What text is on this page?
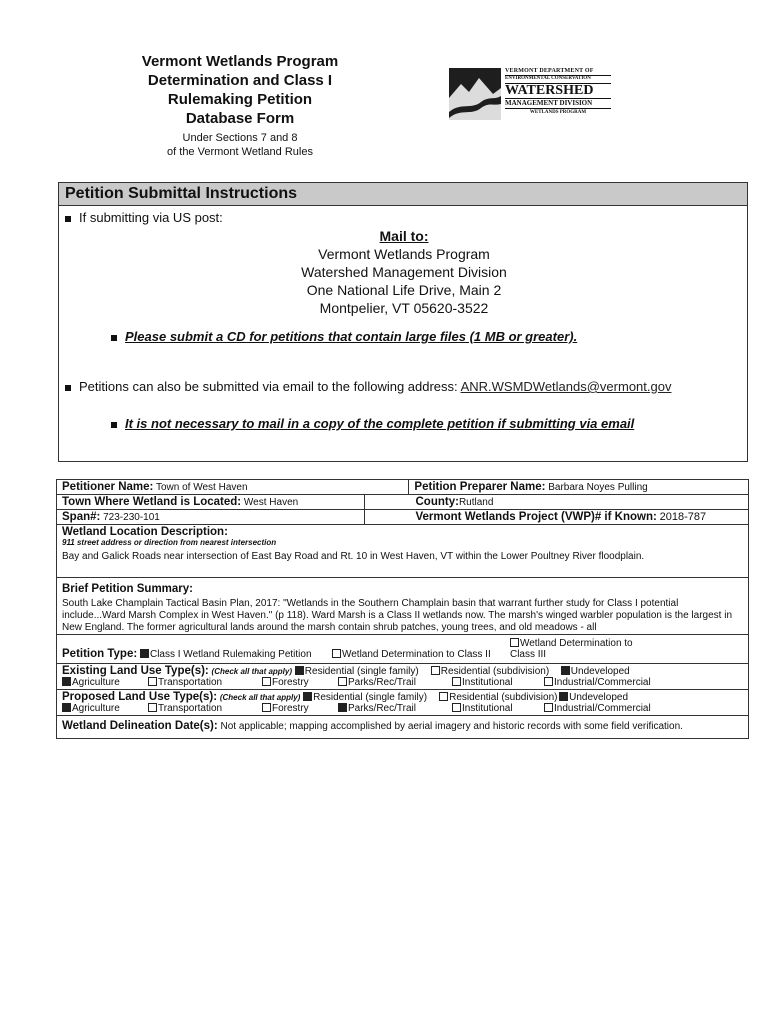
Vermont Wetlands Program
Determination and Class I
Rulemaking Petition
Database Form
Under Sections 7 and 8
of the Vermont Wetland Rules
VERMONT DEPARTMENT OF
ENVIRONMENTAL CONSERVATION
WATERSHED
MANAGEMENT DIVISION
WETLANDS PROGRAM
Petition Submittal Instructions
If submitting via US post:
Mail to:
Vermont Wetlands Program
Watershed Management Division
One National Life Drive, Main 2
Montpelier, VT 05620-3522
Please submit a CD for petitions that contain large files (1 MB or greater).
Petitions can also be submitted via email to the following address: ANR.WSMDWetlands@vermont.gov
It is not necessary to mail in a copy of the complete petition if submitting via email
Petitioner Name: Town of West Haven		Petition Preparer Name: Barbara Noyes Pulling
Town Where Wetland is Located: West Haven	County:Rutland	
Span#: 723-230-101	Vermont Wetlands Project (VWP)# if Known: 2018-787	

Wetland Location Description:
911 street address or direction from nearest intersection
Bay and Galick Roads near intersection of East Bay Road and Rt. 10 in West Haven, VT within the Lower Poultney River floodplain.		

Brief Petition Summary:
South Lake Champlain Tactical Basin Plan, 2017: "Wetlands in the Southern Champlain basin that warrant further study for Class I potential include...Ward Marsh Complex in West Haven." (p 118). Ward Marsh is a Class II wetlands now. The marsh's winged warbler population is the largest in New England. The former agricultural lands around the marsh contain shrub patches, young trees, and old meadows - all		

Petition Type: Class I Wetland Rulemaking Petition Wetland Determination to Class IIWetland Determination to Class III		

Existing Land Use Type(s): (Check all that apply) Residential (single family) Residential (subdivision) Undeveloped
Agriculture Transportation Forestry Parks/Rec/Trail Institutional Industrial/Commercial		

Proposed Land Use Type(s): (Check all that apply) Residential (single family) Residential (subdivision) Undeveloped
Agriculture Transportation Forestry Parks/Rec/Trail Institutional Industrial/Commercial		

Wetland Delineation Date(s): Not applicable; mapping accomplished by aerial imagery and historic records with some field verification.		
